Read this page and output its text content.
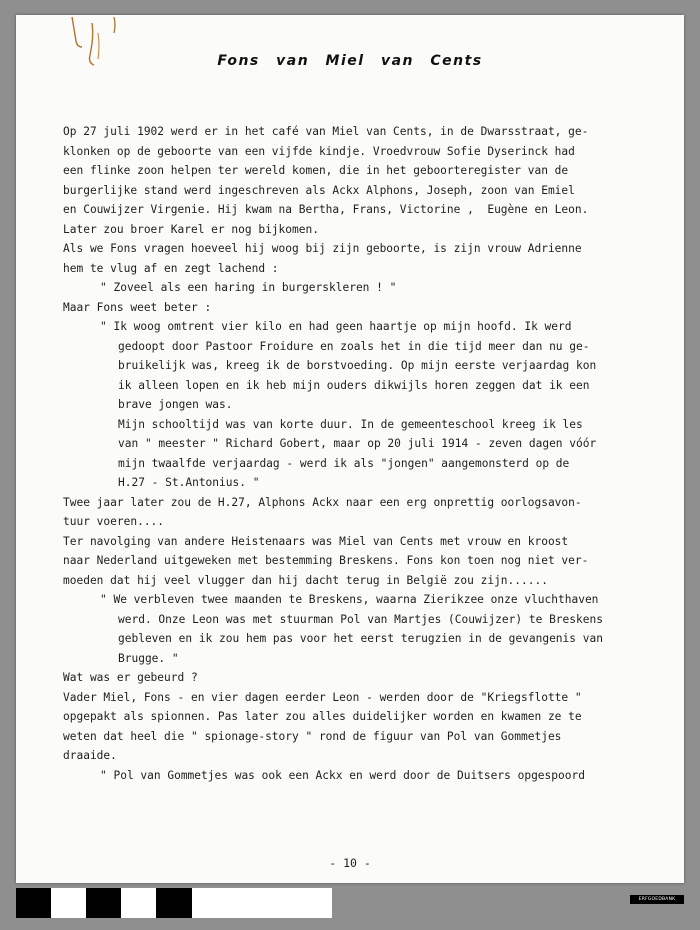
Fons van Miel van Cents
Op 27 juli 1902 werd er in het café van Miel van Cents, in de Dwarsstraat, ge-
klonken op de geboorte van een vijfde kindje. Vroedvrouw Sofie Dyserinck had
een flinke zoon helpen ter wereld komen, die in het geboorteregister van de
burgerlijke stand werd ingeschreven als Ackx Alphons, Joseph, zoon van Emiel
en Couwijzer Virgenie. Hij kwam na Bertha, Frans, Victorine ,  Eugène en Leon.
Later zou broer Karel er nog bijkomen.
Als we Fons vragen hoeveel hij woog bij zijn geboorte, is zijn vrouw Adrienne
hem te vlug af en zegt lachend :
" Zoveel als een haring in burgerskleren ! "
Maar Fons weet beter :
" Ik woog omtrent vier kilo en had geen haartje op mijn hoofd. Ik werd
gedoopt door Pastoor Froidure en zoals het in die tijd meer dan nu ge-
bruikelijk was, kreeg ik de borstvoeding. Op mijn eerste verjaardag kon
ik alleen lopen en ik heb mijn ouders dikwijls horen zeggen dat ik een
brave jongen was.
Mijn schooltijd was van korte duur. In de gemeenteschool kreeg ik les
van " meester " Richard Gobert, maar op 20 juli 1914 - zeven dagen vóór
mijn twaalfde verjaardag - werd ik als "jongen" aangemonsterd op de
H.27 - St.Antonius. "
Twee jaar later zou de H.27, Alphons Ackx naar een erg onprettig oorlogsavon-
tuur voeren....
Ter navolging van andere Heistenaars was Miel van Cents met vrouw en kroost
naar Nederland uitgeweken met bestemming Breskens. Fons kon toen nog niet ver-
moeden dat hij veel vlugger dan hij dacht terug in België zou zijn......
" We verbleven twee maanden te Breskens, waarna Zierikzee onze vluchthaven
werd. Onze Leon was met stuurman Pol van Martjes (Couwijzer) te Breskens
gebleven en ik zou hem pas voor het eerst terugzien in de gevangenis van
Brugge. "
Wat was er gebeurd ?
Vader Miel, Fons - en vier dagen eerder Leon - werden door de "Kriegsflotte "
opgepakt als spionnen. Pas later zou alles duidelijker worden en kwamen ze te
weten dat heel die " spionage-story " rond de figuur van Pol van Gommetjes
draaide.
" Pol van Gommetjes was ook een Ackx en werd door de Duitsers opgespoord
- 10 -
ERFGOEDBANK
